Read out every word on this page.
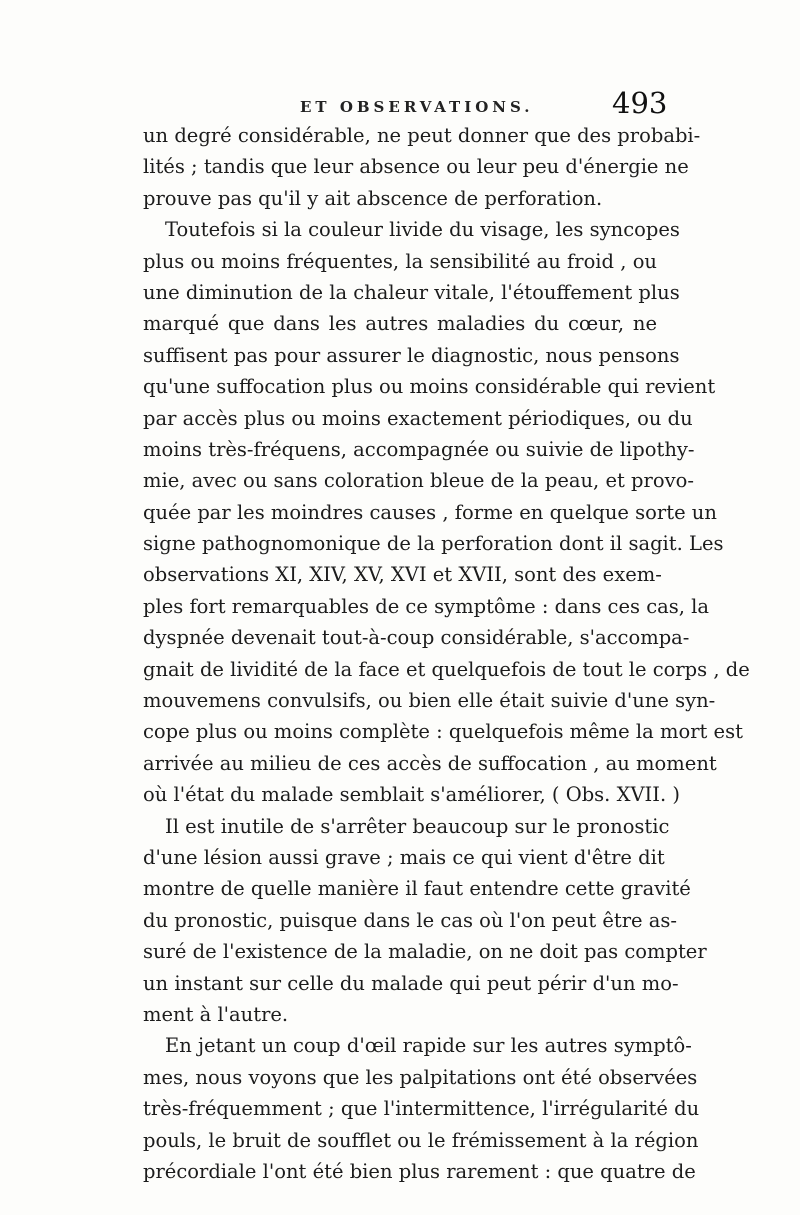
ET OBSERVATIONS.	493
un degré considérable, ne peut donner que des probabi-
lités ; tandis que leur absence ou leur peu d'énergie ne
prouve pas qu'il y ait abscence de perforation.
Toutefois si la couleur livide du visage, les syncopes
plus ou moins fréquentes, la sensibilité au froid , ou
une diminution de la chaleur vitale, l'étouffement plus
marqué que dans les autres maladies du cœur, ne
suffisent pas pour assurer le diagnostic, nous pensons
qu'une suffocation plus ou moins considérable qui revient
par accès plus ou moins exactement périodiques, ou du
moins très-fréquens, accompagnée ou suivie de lipothy-
mie, avec ou sans coloration bleue de la peau, et provo-
quée par les moindres causes , forme en quelque sorte un
signe pathognomonique de la perforation dont il sagit. Les
observations XI, XIV, XV, XVI et XVII, sont des exem-
ples fort remarquables de ce symptôme : dans ces cas, la
dyspnée devenait tout-à-coup considérable, s'accompa-
gnait de lividité de la face et quelquefois de tout le corps , de
mouvemens convulsifs, ou bien elle était suivie d'une syn-
cope plus ou moins complète : quelquefois même la mort est
arrivée au milieu de ces accès de suffocation , au moment
où l'état du malade semblait s'améliorer, ( Obs. XVII. )
Il est inutile de s'arrêter beaucoup sur le pronostic
d'une lésion aussi grave ; mais ce qui vient d'être dit
montre de quelle manière il faut entendre cette gravité
du pronostic, puisque dans le cas où l'on peut être as-
suré de l'existence de la maladie, on ne doit pas compter
un instant sur celle du malade qui peut périr d'un mo-
ment à l'autre.
En jetant un coup d'œil rapide sur les autres symptô-
mes, nous voyons que les palpitations ont été observées
très-fréquemment ; que l'intermittence, l'irrégularité du
pouls, le bruit de soufflet ou le frémissement à la région
précordiale l'ont été bien plus rarement : que quatre de
